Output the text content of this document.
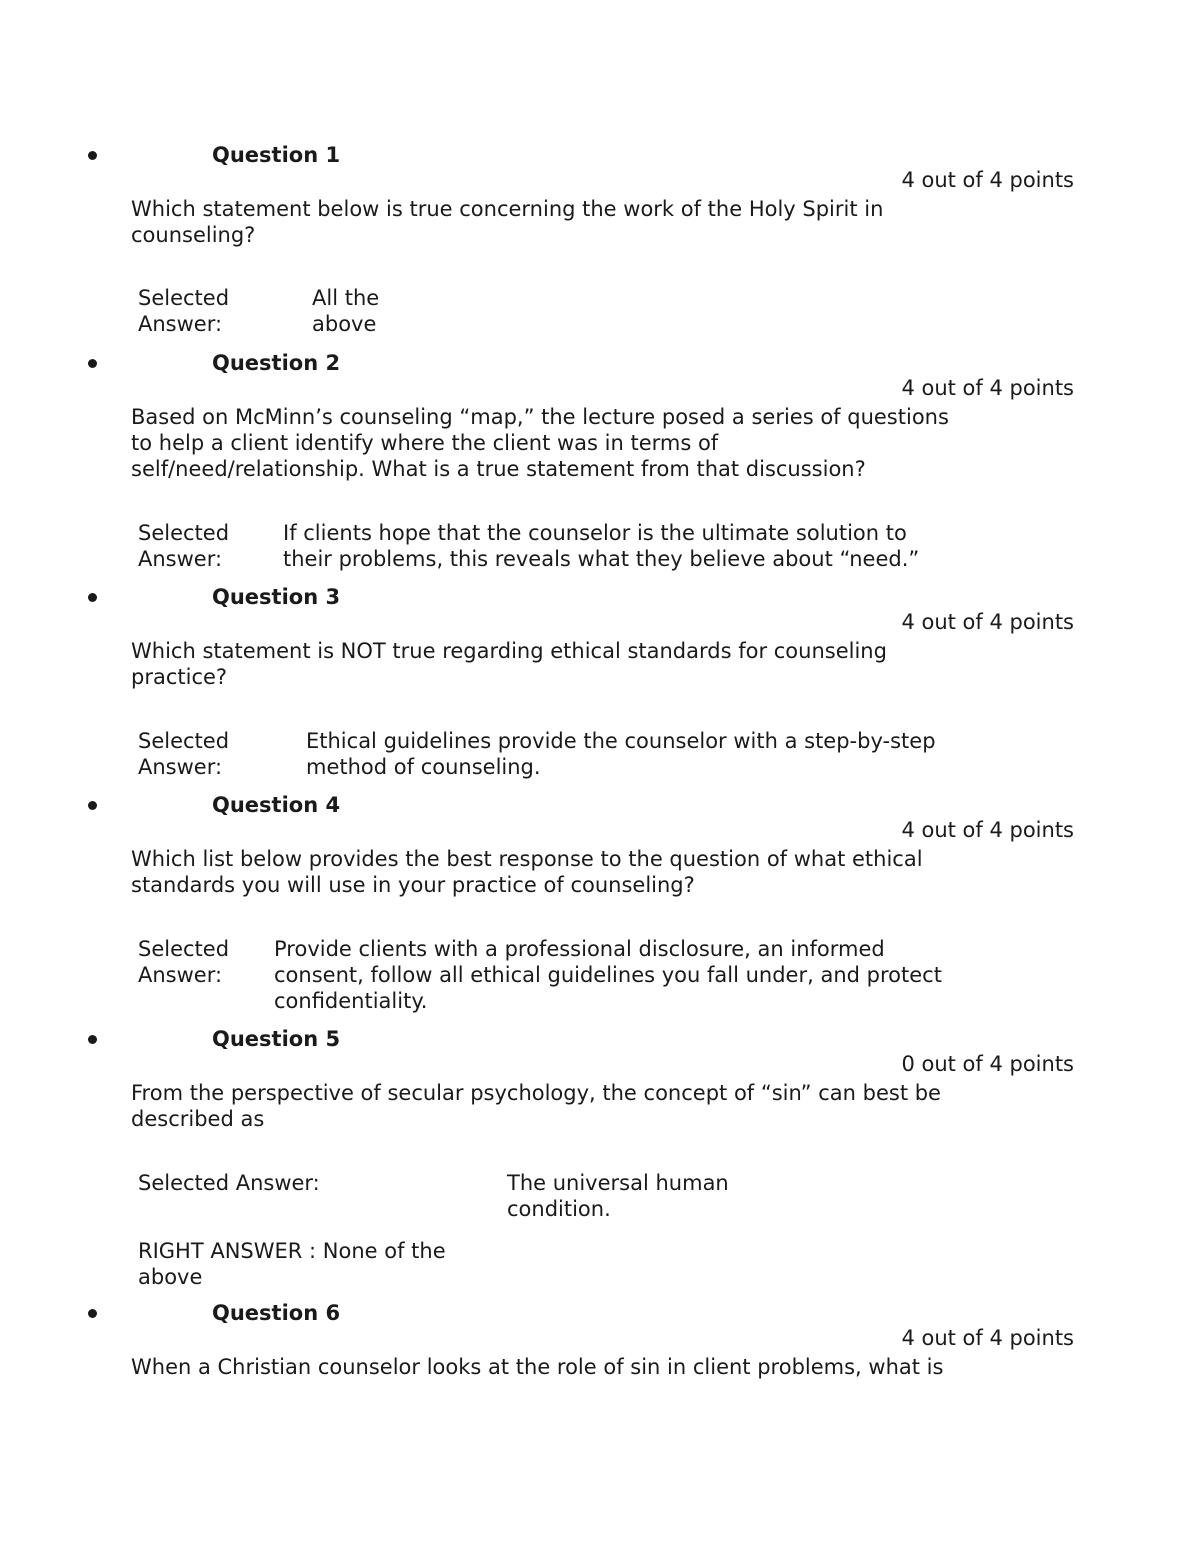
Question 1
4 out of 4 points
Which statement below is true concerning the work of the Holy Spirit in
counseling?
Selected
Answer:
All the
above
Question 2
4 out of 4 points
Based on McMinn’s counseling “map,” the lecture posed a series of questions
to help a client identify where the client was in terms of
self/need/relationship. What is a true statement from that discussion?
Selected
Answer:
If clients hope that the counselor is the ultimate solution to
their problems, this reveals what they believe about “need.”
Question 3
4 out of 4 points
Which statement is NOT true regarding ethical standards for counseling
practice?
Selected
Answer:
Ethical guidelines provide the counselor with a step-by-step
method of counseling.
Question 4
4 out of 4 points
Which list below provides the best response to the question of what ethical
standards you will use in your practice of counseling?
Selected
Answer:
Provide clients with a professional disclosure, an informed
consent, follow all ethical guidelines you fall under, and protect
confidentiality.
Question 5
0 out of 4 points
From the perspective of secular psychology, the concept of “sin” can best be
described as
Selected Answer:	The universal human
condition.
RIGHT ANSWER : None of the
above
Question 6
4 out of 4 points
When a Christian counselor looks at the role of sin in client problems, what is
